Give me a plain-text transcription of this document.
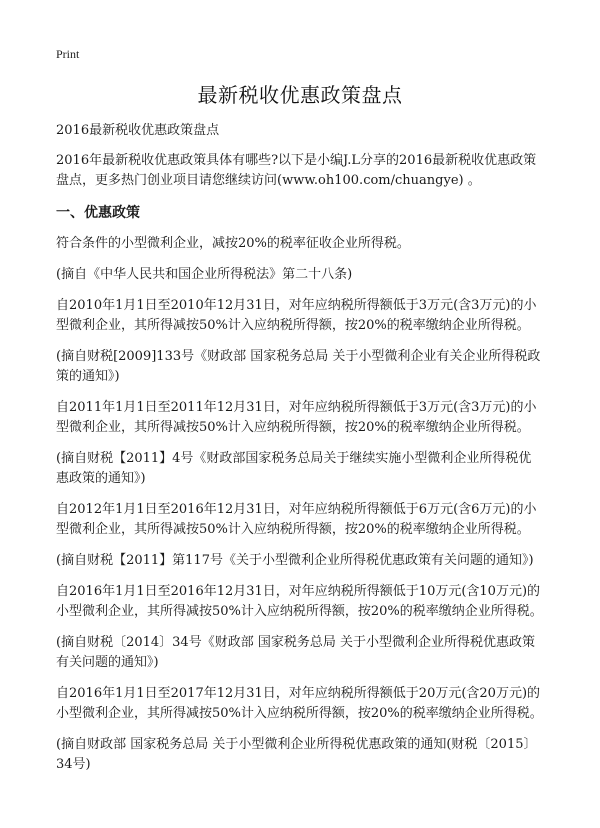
Print
最新税收优惠政策盘点

2016最新税收优惠政策盘点

2016年最新税收优惠政策具体有哪些?以下是小编J.L分享的2016最新税收优惠政策盘点，更多热门创业项目请您继续访问(www.oh100.com/chuangye) 。

一、优惠政策

符合条件的小型微利企业，减按20%的税率征收企业所得税。

(摘自《中华人民共和国企业所得税法》第二十八条)

自2010年1月1日至2010年12月31日，对年应纳税所得额低于3万元(含3万元)的小型微利企业，其所得减按50%计入应纳税所得额，按20%的税率缴纳企业所得税。

(摘自财税[2009]133号《财政部 国家税务总局 关于小型微利企业有关企业所得税政策的通知》)

自2011年1月1日至2011年12月31日，对年应纳税所得额低于3万元(含3万元)的小型微利企业，其所得减按50%计入应纳税所得额，按20%的税率缴纳企业所得税。

(摘自财税【2011】4号《财政部国家税务总局关于继续实施小型微利企业所得税优惠政策的通知》)

自2012年1月1日至2016年12月31日，对年应纳税所得额低于6万元(含6万元)的小型微利企业，其所得减按50%计入应纳税所得额，按20%的税率缴纳企业所得税。

(摘自财税【2011】第117号《关于小型微利企业所得税优惠政策有关问题的通知》)

自2016年1月1日至2016年12月31日，对年应纳税所得额低于10万元(含10万元)的小型微利企业，其所得减按50%计入应纳税所得额，按20%的税率缴纳企业所得税。

(摘自财税〔2014〕34号《财政部 国家税务总局 关于小型微利企业所得税优惠政策有关问题的通知》)

自2016年1月1日至2017年12月31日，对年应纳税所得额低于20万元(含20万元)的小型微利企业，其所得减按50%计入应纳税所得额，按20%的税率缴纳企业所得税。

(摘自财政部 国家税务总局 关于小型微利企业所得税优惠政策的通知(财税〔2015〕34号)
